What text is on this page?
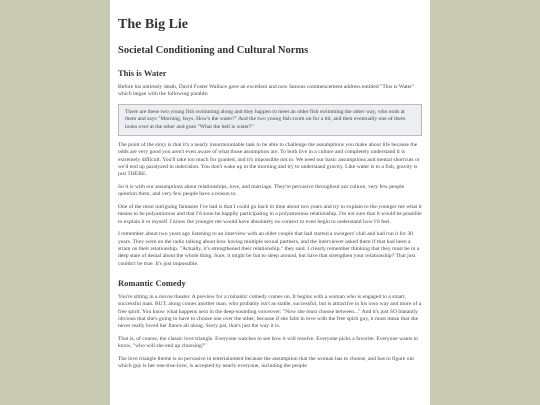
The Big Lie
Societal Conditioning and Cultural Norms
This is Water

Before his untimely death, David Foster Wallace gave an excellent and now famous commencement address entitled "This is Water" which began with the following parable:

There are these two young fish swimming along and they happen to meet an older fish swimming the other way, who nods at them and says "Morning, boys. How's the water?" And the two young fish swim on for a bit, and then eventually one of them looks over at the other and goes "What the hell is water?"

The point of the story is that it's a nearly insurmountable task to be able to challenge the assumptions you make about life because the odds are very good you aren't even aware of what those assumption are. To both live in a culture and completely understand it is extremely difficult. You'll take too much for granted, and it's impossible not to. We need our basic assumptions and mental shortcuts or we'd end up paralyzed in indecision. You don't wake up in the morning and try to understand gravity. Like water is to a fish, gravity is just THERE.

So it is with our assumptions about relationships, love, and marriage. They're pervasive throughout our culture, very few people question them, and very few people have a reason to.

One of the most intriguing fantasies I've had is that I could go back in time about two years and try to explain to the younger me what it means to be polyamorous and that I'd soon be happily participating in a polyamorous relationship. I'm not sure that it would be possible to explain it to myself. I know the younger me would have absolutely no context to even begin to understand how I'd feel.

I remember about two years ago listening to an interview with an older couple that had started a swingers' club and had run it for 30 years. They were on the radio talking about how having multiple sexual partners, and the interviewer asked them if that had been a strain on their relationship. "Actually, it's strengthened their relationship," they said. I clearly remember thinking that they must be in a deep state of denial about the whole thing. Sure, it might be fun to sleep around, but have that strengthen your relationship? That just couldn't be true. It's just impossible.

Romantic Comedy

You're sitting in a movie theater. A preview for a romantic comedy comes on. It begins with a woman who is engaged to a smart, successful man. BUT, along comes another man, who probably isn't as stable, successful, but is attractive in his own way and more of a free spirit. You know what happens next in the deep-sounding voiceover: "Now she must choose between..." And it's just SO blatantly obvious that she's going to have to choose one over the other, because if she falls in love with the free spirit guy, it must mean that she never really loved her fiance all along. Sorry pal, that's just the way it is.

That is, of course, the classic love triangle. Everyone watches to see how it will resolve. Everyone picks a favorite. Everyone wants to know, "who will she end up choosing?"

The love triangle theme is so pervasive in entertainment because the assumption that the woman has to choose, and has to figure out which guy is her one-true-love, is accepted by nearly everyone, including the people
